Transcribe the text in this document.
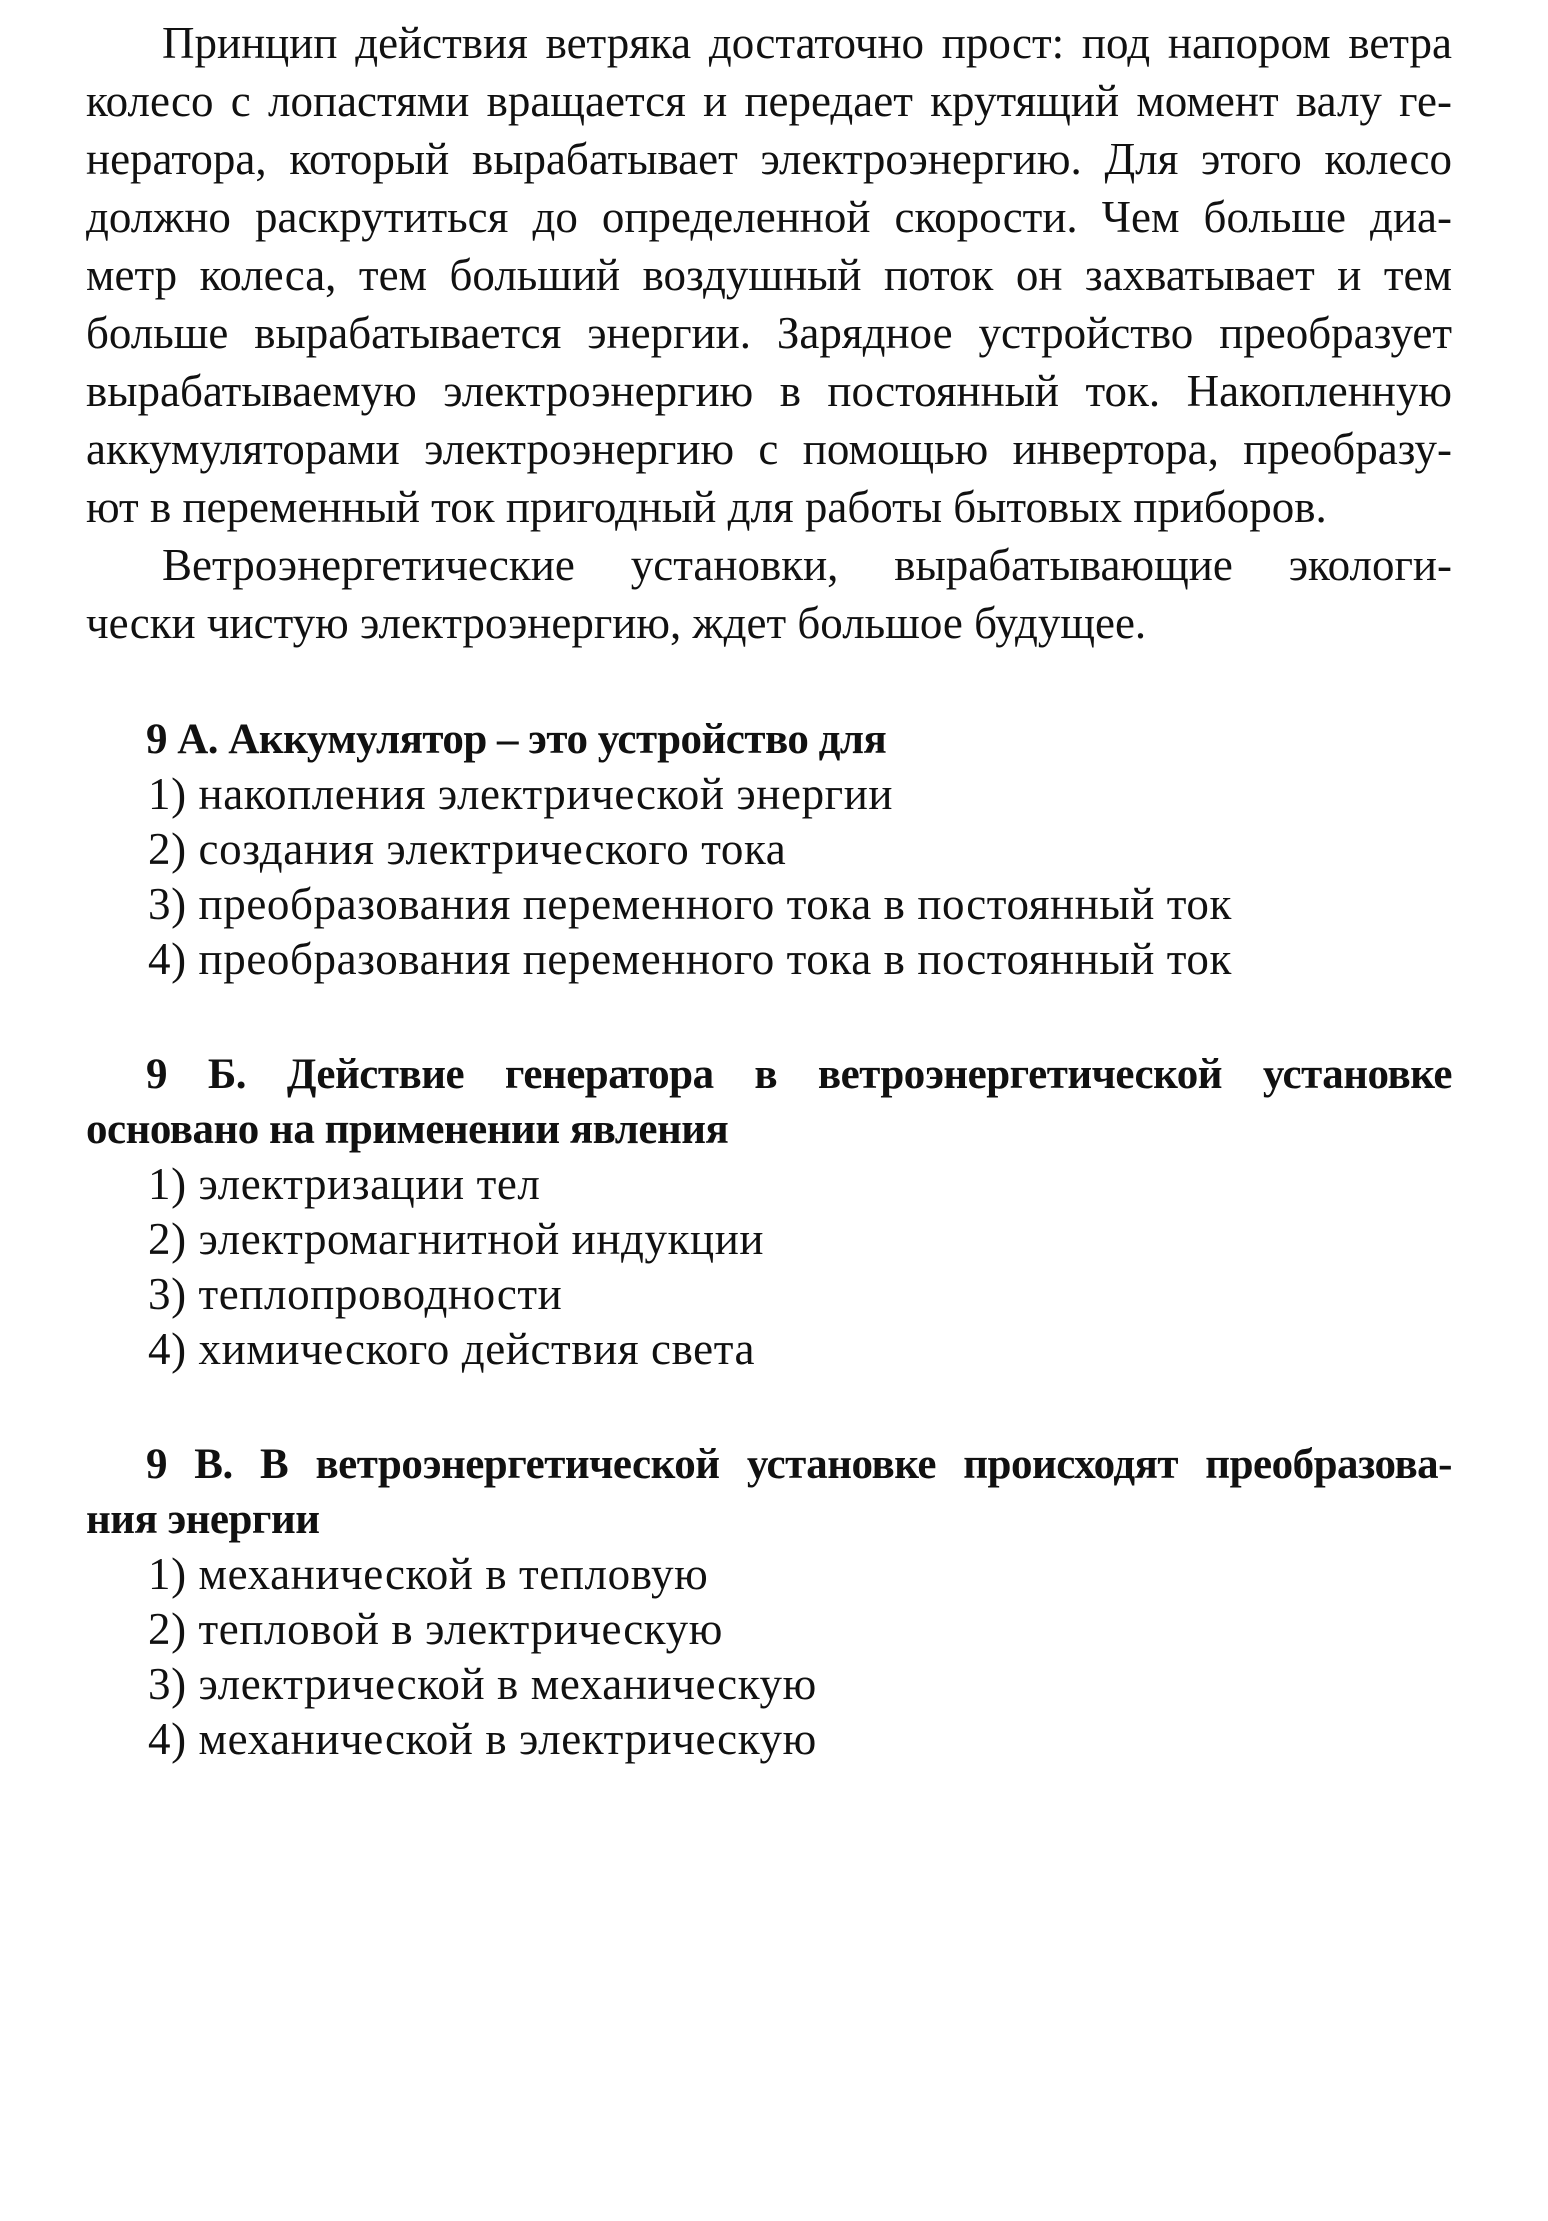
Принцип действия ветряка достаточно прост: под напором ветра
колесо с лопастями вращается и передает крутящий момент валу ге-
нератора, который вырабатывает электроэнергию. Для этого колесо
должно раскрутиться до определенной скорости. Чем больше диа-
метр колеса, тем больший воздушный поток он захватывает и тем
больше вырабатывается энергии. Зарядное устройство преобразует
вырабатываемую электроэнергию в постоянный ток. Накопленную
аккумуляторами электроэнергию с помощью инвертора, преобразу-
ют в переменный ток пригодный для работы бытовых приборов.

Ветроэнергетические установки, вырабатывающие экологи-
чески чистую электроэнергию, ждет большое будущее.

9 А. Аккумулятор – это устройство для

1) накопления электрической энергии
2) создания электрического тока
3) преобразования переменного тока в постоянный ток
4) преобразования переменного тока в постоянный ток

9 Б. Действие генератора в ветроэнергетической установке
основано на применении явления

1) электризации тел
2) электромагнитной индукции
3) теплопроводности
4) химического действия света

9 В. В ветроэнергетической установке происходят преобразова-
ния энергии

1) механической в тепловую
2) тепловой в электрическую
3) электрической в механическую
4) механической в электрическую
